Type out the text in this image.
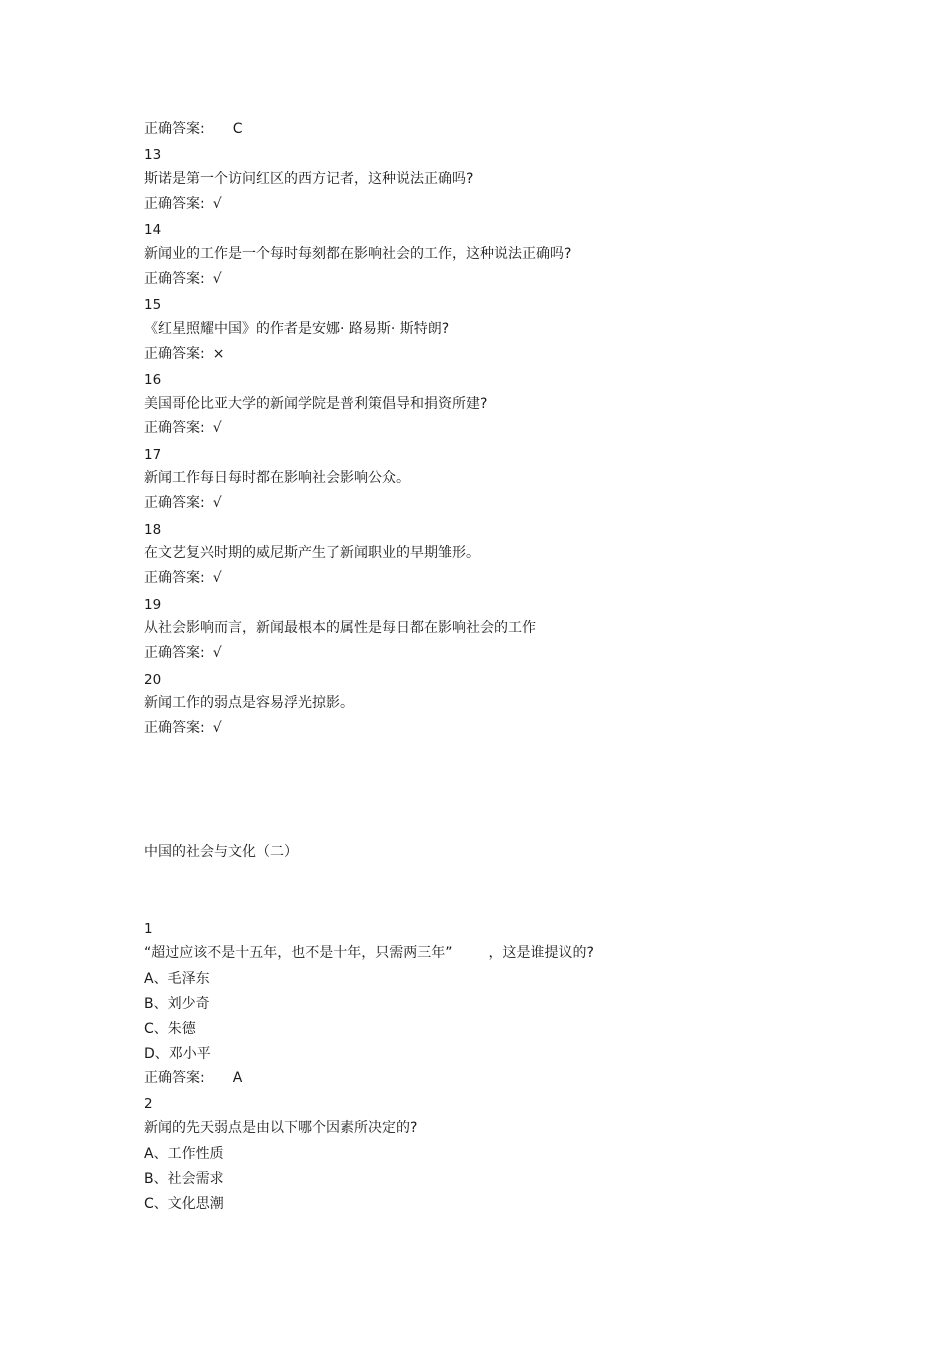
正确答案: C
13
斯诺是第一个访问红区的西方记者，这种说法正确吗?
正确答案: √
14
新闻业的工作是一个每时每刻都在影响社会的工作，这种说法正确吗?
正确答案: √
15
《红星照耀中国》的作者是安娜· 路易斯· 斯特朗?
正确答案: ×
16
美国哥伦比亚大学的新闻学院是普利策倡导和捐资所建?
正确答案: √
17
新闻工作每日每时都在影响社会影响公众。
正确答案: √
18
在文艺复兴时期的威尼斯产生了新闻职业的早期雏形。
正确答案: √
19
从社会影响而言，新闻最根本的属性是每日都在影响社会的工作
正确答案: √
20
新闻工作的弱点是容易浮光掠影。
正确答案: √
中国的社会与文化（二）
1
“超过应该不是十五年，也不是十年，只需两三年”	，这是谁提议的?
A、毛泽东
B、刘少奇
C、朱德
D、邓小平
正确答案: A
2
新闻的先天弱点是由以下哪个因素所决定的?
A、工作性质
B、社会需求
C、文化思潮
